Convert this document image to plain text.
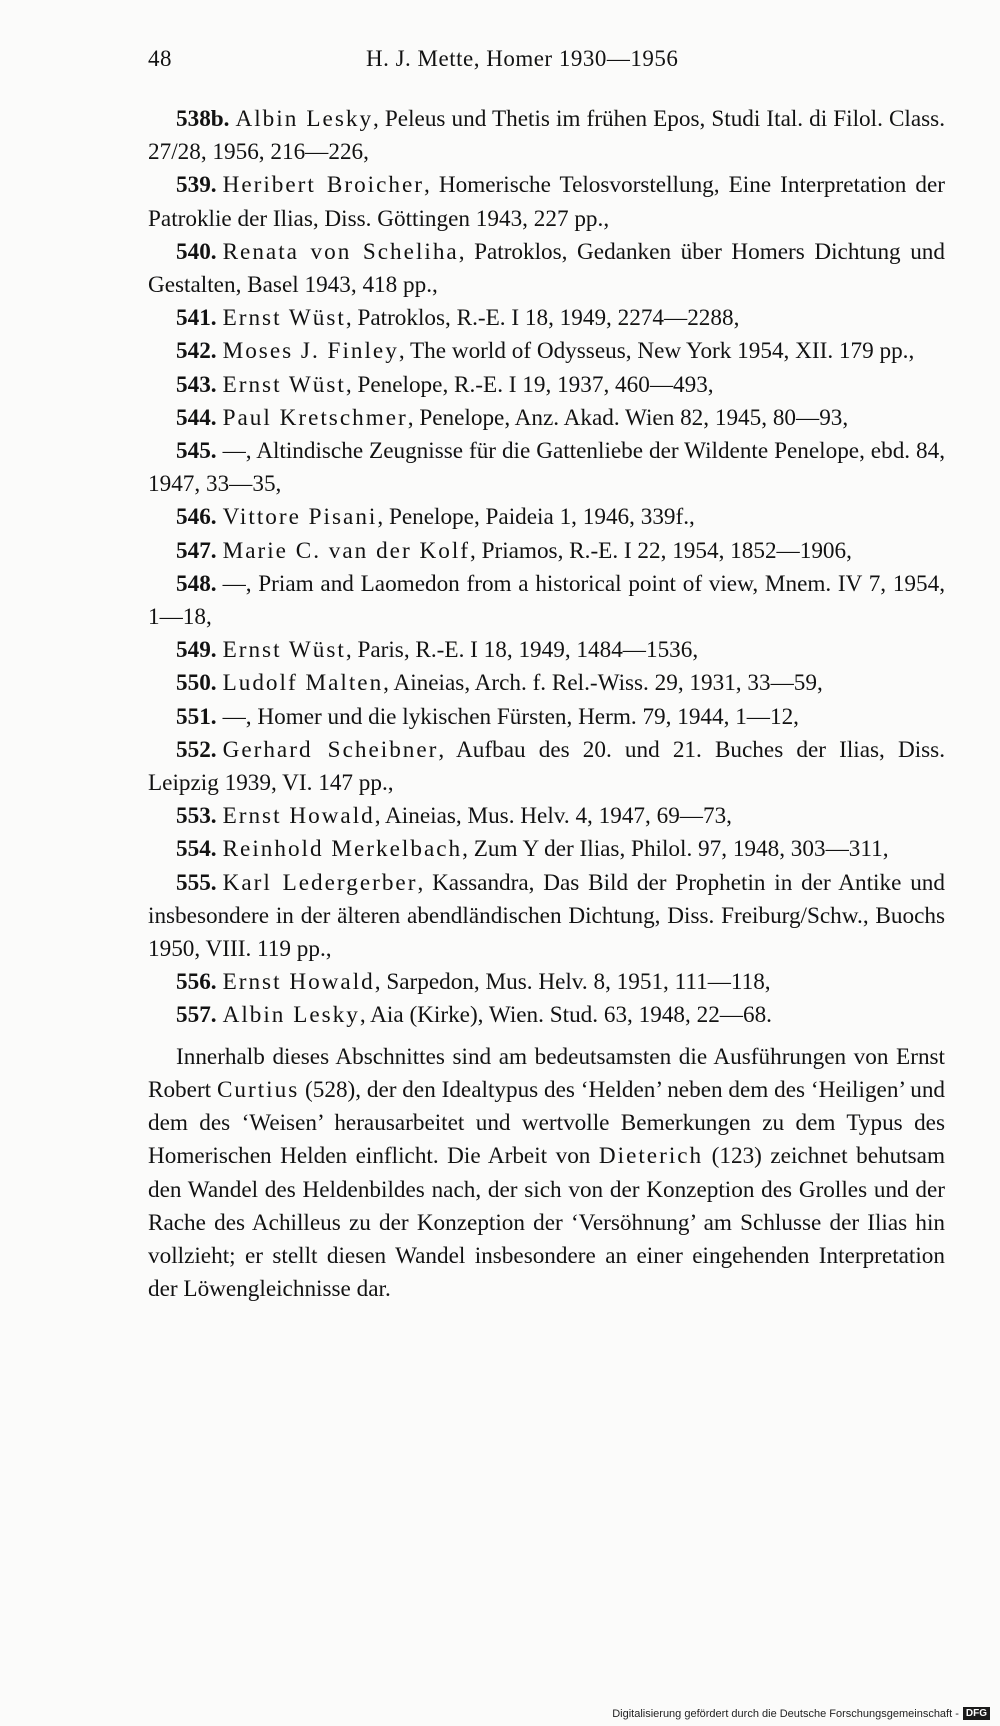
48	H. J. Mette, Homer 1930—1956

538b. Albin Lesky, Peleus und Thetis im frühen Epos, Studi Ital. di Filol. Class. 27/28, 1956, 216—226,

539. Heribert Broicher, Homerische Telosvorstellung, Eine Interpretation der Patroklie der Ilias, Diss. Göttingen 1943, 227 pp.,

540. Renata von Scheliha, Patroklos, Gedanken über Homers Dichtung und Gestalten, Basel 1943, 418 pp.,

541. Ernst Wüst, Patroklos, R.-E. I 18, 1949, 2274—2288,

542. Moses J. Finley, The world of Odysseus, New York 1954, XII. 179 pp.,

543. Ernst Wüst, Penelope, R.-E. I 19, 1937, 460—493,

544. Paul Kretschmer, Penelope, Anz. Akad. Wien 82, 1945, 80—93,

545. —, Altindische Zeugnisse für die Gattenliebe der Wildente Penelope, ebd. 84, 1947, 33—35,

546. Vittore Pisani, Penelope, Paideia 1, 1946, 339f.,

547. Marie C. van der Kolf, Priamos, R.-E. I 22, 1954, 1852—1906,

548. —, Priam and Laomedon from a historical point of view, Mnem. IV 7, 1954, 1—18,

549. Ernst Wüst, Paris, R.-E. I 18, 1949, 1484—1536,

550. Ludolf Malten, Aineias, Arch. f. Rel.-Wiss. 29, 1931, 33—59,

551. —, Homer und die lykischen Fürsten, Herm. 79, 1944, 1—12,

552. Gerhard Scheibner, Aufbau des 20. und 21. Buches der Ilias, Diss. Leipzig 1939, VI. 147 pp.,

553. Ernst Howald, Aineias, Mus. Helv. 4, 1947, 69—73,

554. Reinhold Merkelbach, Zum Y der Ilias, Philol. 97, 1948, 303—311,

555. Karl Ledergerber, Kassandra, Das Bild der Prophetin in der Antike und insbesondere in der älteren abendländischen Dichtung, Diss. Freiburg/Schw., Buochs 1950, VIII. 119 pp.,

556. Ernst Howald, Sarpedon, Mus. Helv. 8, 1951, 111—118,

557. Albin Lesky, Aia (Kirke), Wien. Stud. 63, 1948, 22—68.

Innerhalb dieses Abschnittes sind am bedeutsamsten die Ausführungen von Ernst Robert Curtius (528), der den Idealtypus des ‘Helden’ neben dem des ‘Heiligen’ und dem des ‘Weisen’ herausarbeitet und wertvolle Bemerkungen zu dem Typus des Homerischen Helden einflicht. Die Arbeit von Dieterich (123) zeichnet behutsam den Wandel des Heldenbildes nach, der sich von der Konzeption des Grolles und der Rache des Achilleus zu der Konzeption der ‘Versöhnung’ am Schlusse der Ilias hin vollzieht; er stellt diesen Wandel insbesondere an einer eingehenden Interpretation der Löwengleichnisse dar.

Digitalisierung gefördert durch die Deutsche Forschungsgemeinschaft - DFG
